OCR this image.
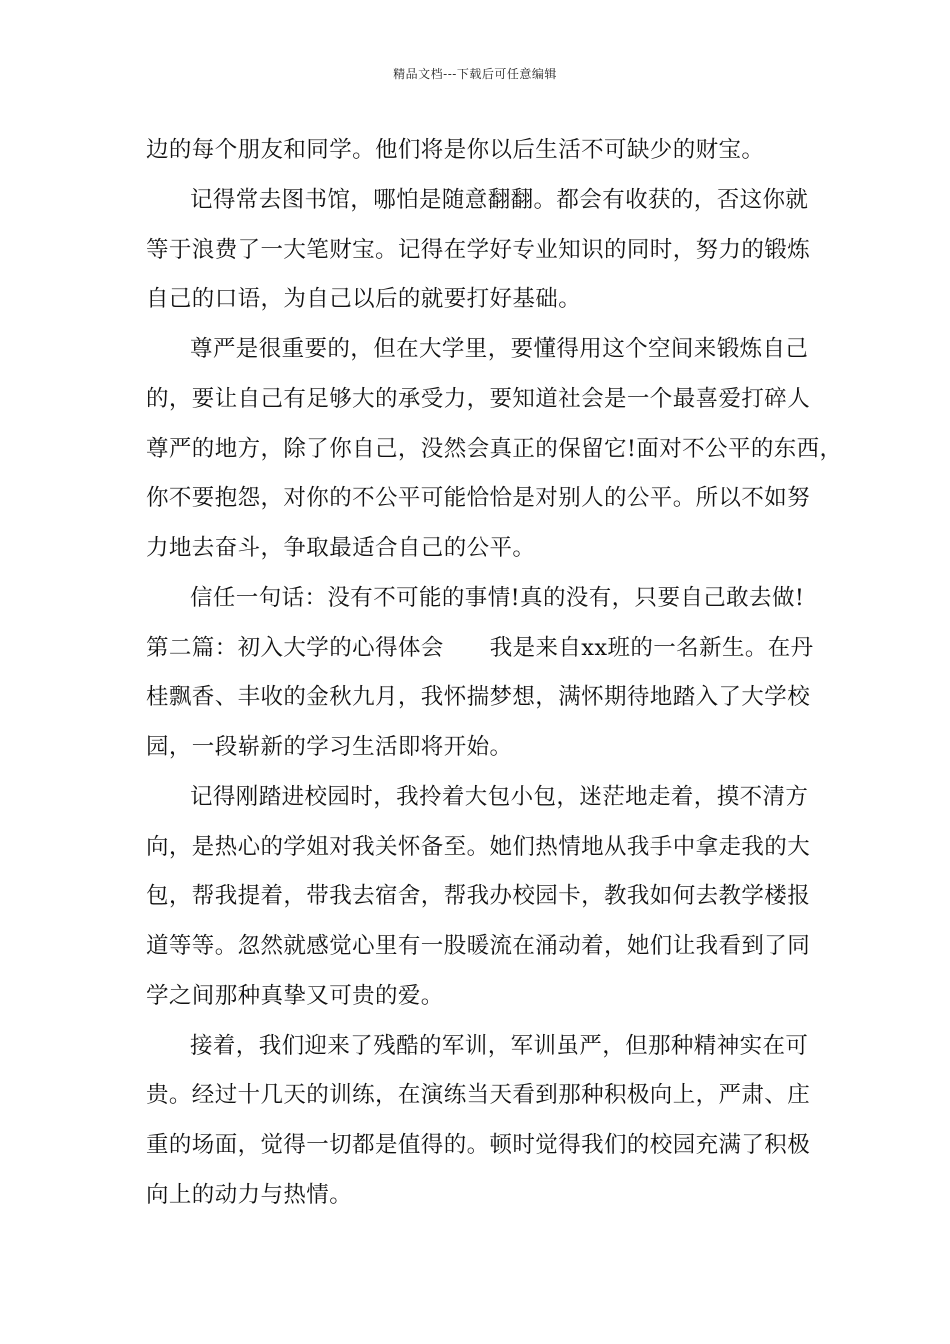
精品文档---下载后可任意编辑
边的每个朋友和同学。他们将是你以后生活不可缺少的财宝。
记得常去图书馆，哪怕是随意翻翻。都会有收获的，否这你就
等于浪费了一大笔财宝。记得在学好专业知识的同时，努力的锻炼
自己的口语，为自己以后的就要打好基础。
尊严是很重要的，但在大学里，要懂得用这个空间来锻炼自己
的，要让自己有足够大的承受力，要知道社会是一个最喜爱打碎人
尊严的地方，除了你自己，没然会真正的保留它!面对不公平的东西，
你不要抱怨，对你的不公平可能恰恰是对别人的公平。所以不如努
力地去奋斗，争取最适合自己的公平。
信任一句话：没有不可能的事情!真的没有，只要自己敢去做!
第二篇：初入大学的心得体会 我是来自xx班的一名新生。在丹
桂飘香、丰收的金秋九月，我怀揣梦想，满怀期待地踏入了大学校
园，一段崭新的学习生活即将开始。
记得刚踏进校园时，我拎着大包小包，迷茫地走着，摸不清方
向，是热心的学姐对我关怀备至。她们热情地从我手中拿走我的大
包，帮我提着，带我去宿舍，帮我办校园卡，教我如何去教学楼报
道等等。忽然就感觉心里有一股暖流在涌动着，她们让我看到了同
学之间那种真挚又可贵的爱。
接着，我们迎来了残酷的军训，军训虽严，但那种精神实在可
贵。经过十几天的训练，在演练当天看到那种积极向上，严肃、庄
重的场面，觉得一切都是值得的。顿时觉得我们的校园充满了积极
向上的动力与热情。
